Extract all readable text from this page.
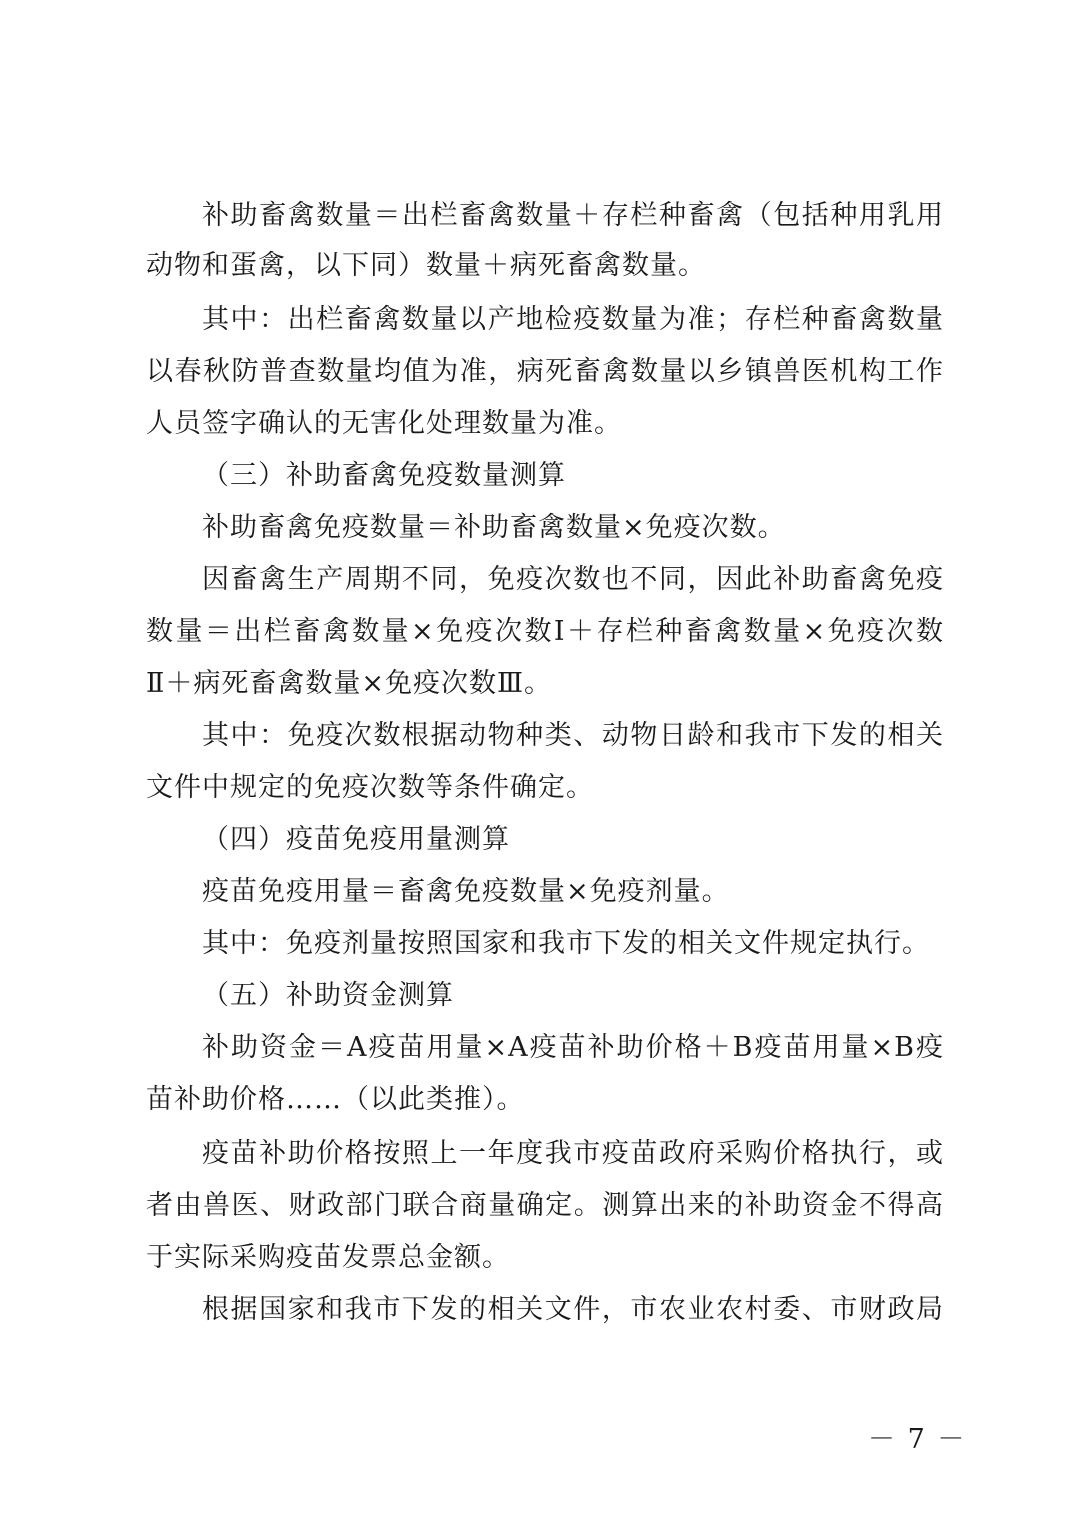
补助畜禽数量＝出栏畜禽数量＋存栏种畜禽（包括种用乳用
动物和蛋禽，以下同）数量＋病死畜禽数量。
其中：出栏畜禽数量以产地检疫数量为准；存栏种畜禽数量
以春秋防普查数量均值为准，病死畜禽数量以乡镇兽医机构工作
人员签字确认的无害化处理数量为准。
（三）补助畜禽免疫数量测算
补助畜禽免疫数量＝补助畜禽数量×免疫次数。
因畜禽生产周期不同，免疫次数也不同，因此补助畜禽免疫
数量＝出栏畜禽数量×免疫次数Ⅰ＋存栏种畜禽数量×免疫次数
Ⅱ＋病死畜禽数量×免疫次数Ⅲ。
其中：免疫次数根据动物种类、动物日龄和我市下发的相关
文件中规定的免疫次数等条件确定。
（四）疫苗免疫用量测算
疫苗免疫用量＝畜禽免疫数量×免疫剂量。
其中：免疫剂量按照国家和我市下发的相关文件规定执行。
（五）补助资金测算
补助资金＝A疫苗用量×A疫苗补助价格＋B疫苗用量×B疫
苗补助价格……（以此类推）。
疫苗补助价格按照上一年度我市疫苗政府采购价格执行，或
者由兽医、财政部门联合商量确定。测算出来的补助资金不得高
于实际采购疫苗发票总金额。
根据国家和我市下发的相关文件，市农业农村委、市财政局
－ 7 －
